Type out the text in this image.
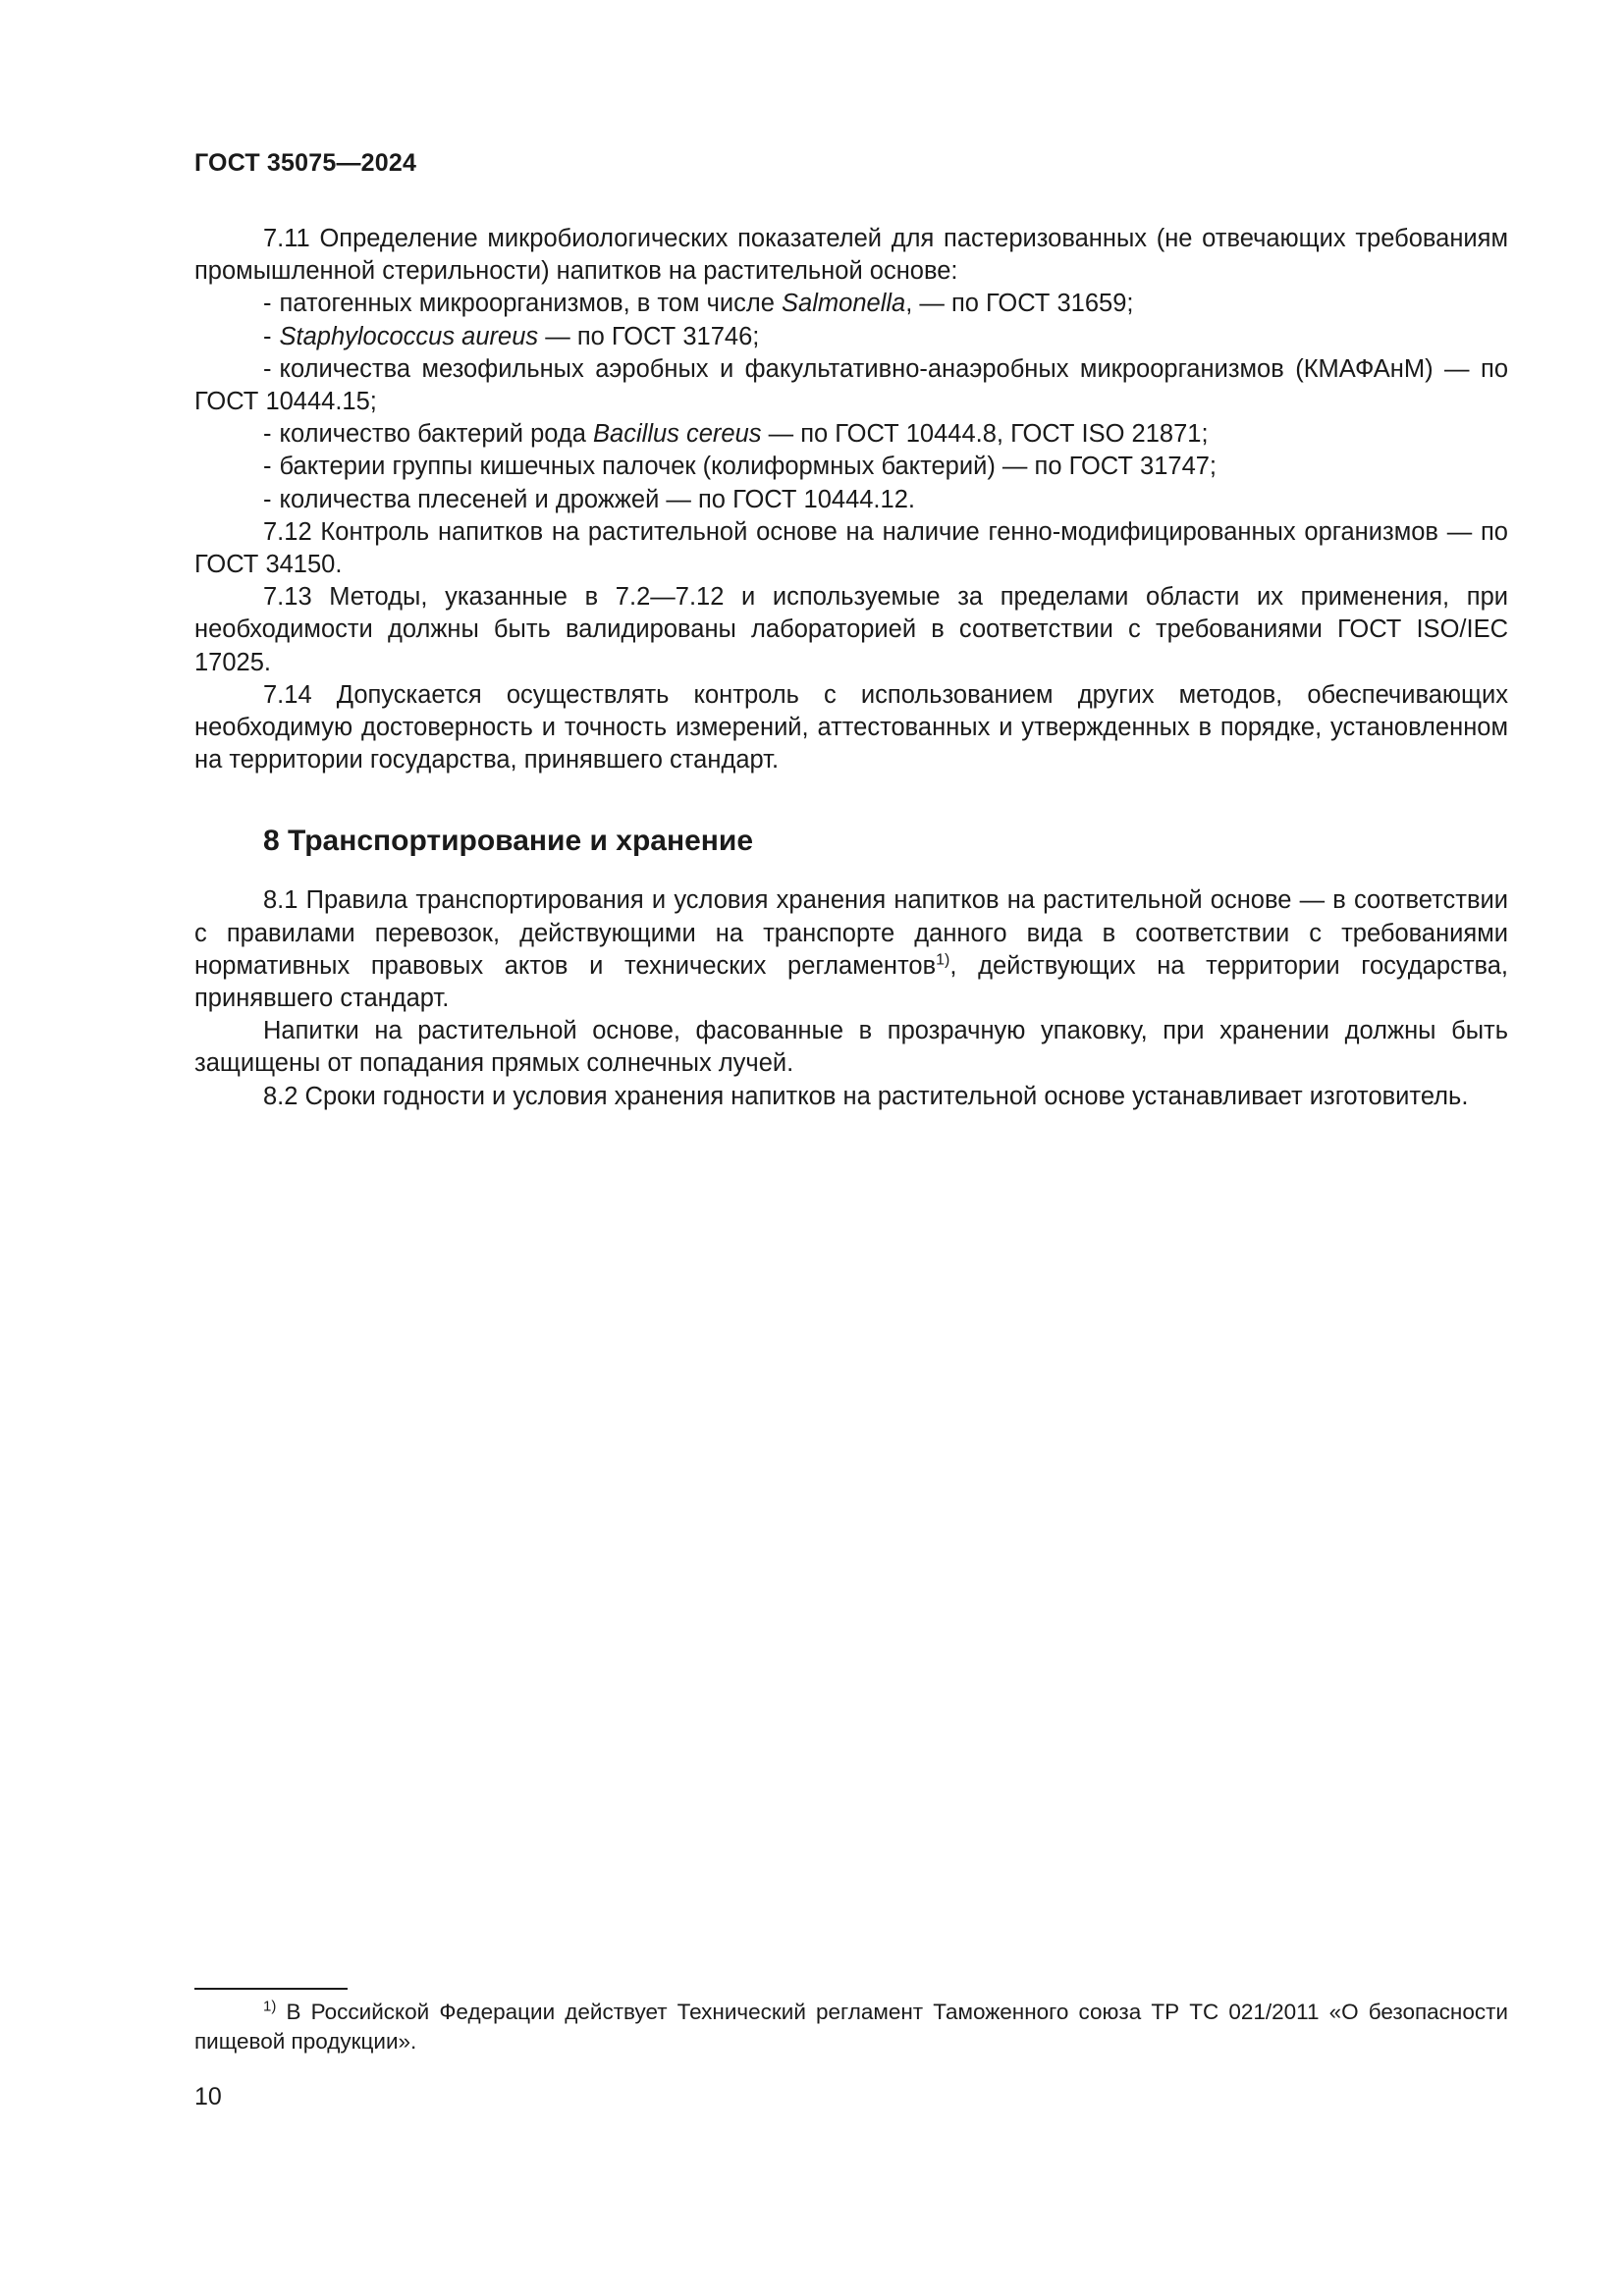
ГОСТ 35075—2024

7.11 Определение микробиологических показателей для пастеризованных (не отвечающих требованиям промышленной стерильности) напитков на растительной основе:

- патогенных микроорганизмов, в том числе Salmonella, — по ГОСТ 31659;

- Staphylococcus aureus — по ГОСТ 31746;

- количества мезофильных аэробных и факультативно-анаэробных микроорганизмов (КМАФАнМ) — по ГОСТ 10444.15;

- количество бактерий рода Bacillus cereus — по ГОСТ 10444.8, ГОСТ ISO 21871;

- бактерии группы кишечных палочек (колиформных бактерий) — по ГОСТ 31747;

- количества плесеней и дрожжей — по ГОСТ 10444.12.

7.12 Контроль напитков на растительной основе на наличие генно-модифицированных организмов — по ГОСТ 34150.

7.13 Методы, указанные в 7.2—7.12 и используемые за пределами области их применения, при необходимости должны быть валидированы лабораторией в соответствии с требованиями ГОСТ ISO/IEC 17025.

7.14 Допускается осуществлять контроль с использованием других методов, обеспечивающих необходимую достоверность и точность измерений, аттестованных и утвержденных в порядке, установленном на территории государства, принявшего стандарт.

8 Транспортирование и хранение

8.1 Правила транспортирования и условия хранения напитков на растительной основе — в соответствии с правилами перевозок, действующими на транспорте данного вида в соответствии с требованиями нормативных правовых актов и технических регламентов$^{1)}$, действующих на территории государства, принявшего стандарт.

Напитки на растительной основе, фасованные в прозрачную упаковку, при хранении должны быть защищены от попадания прямых солнечных лучей.

8.2 Сроки годности и условия хранения напитков на растительной основе устанавливает изготовитель.

$^{1)}$ В Российской Федерации действует Технический регламент Таможенного союза ТР ТС 021/2011 «О безопасности пищевой продукции».

10
